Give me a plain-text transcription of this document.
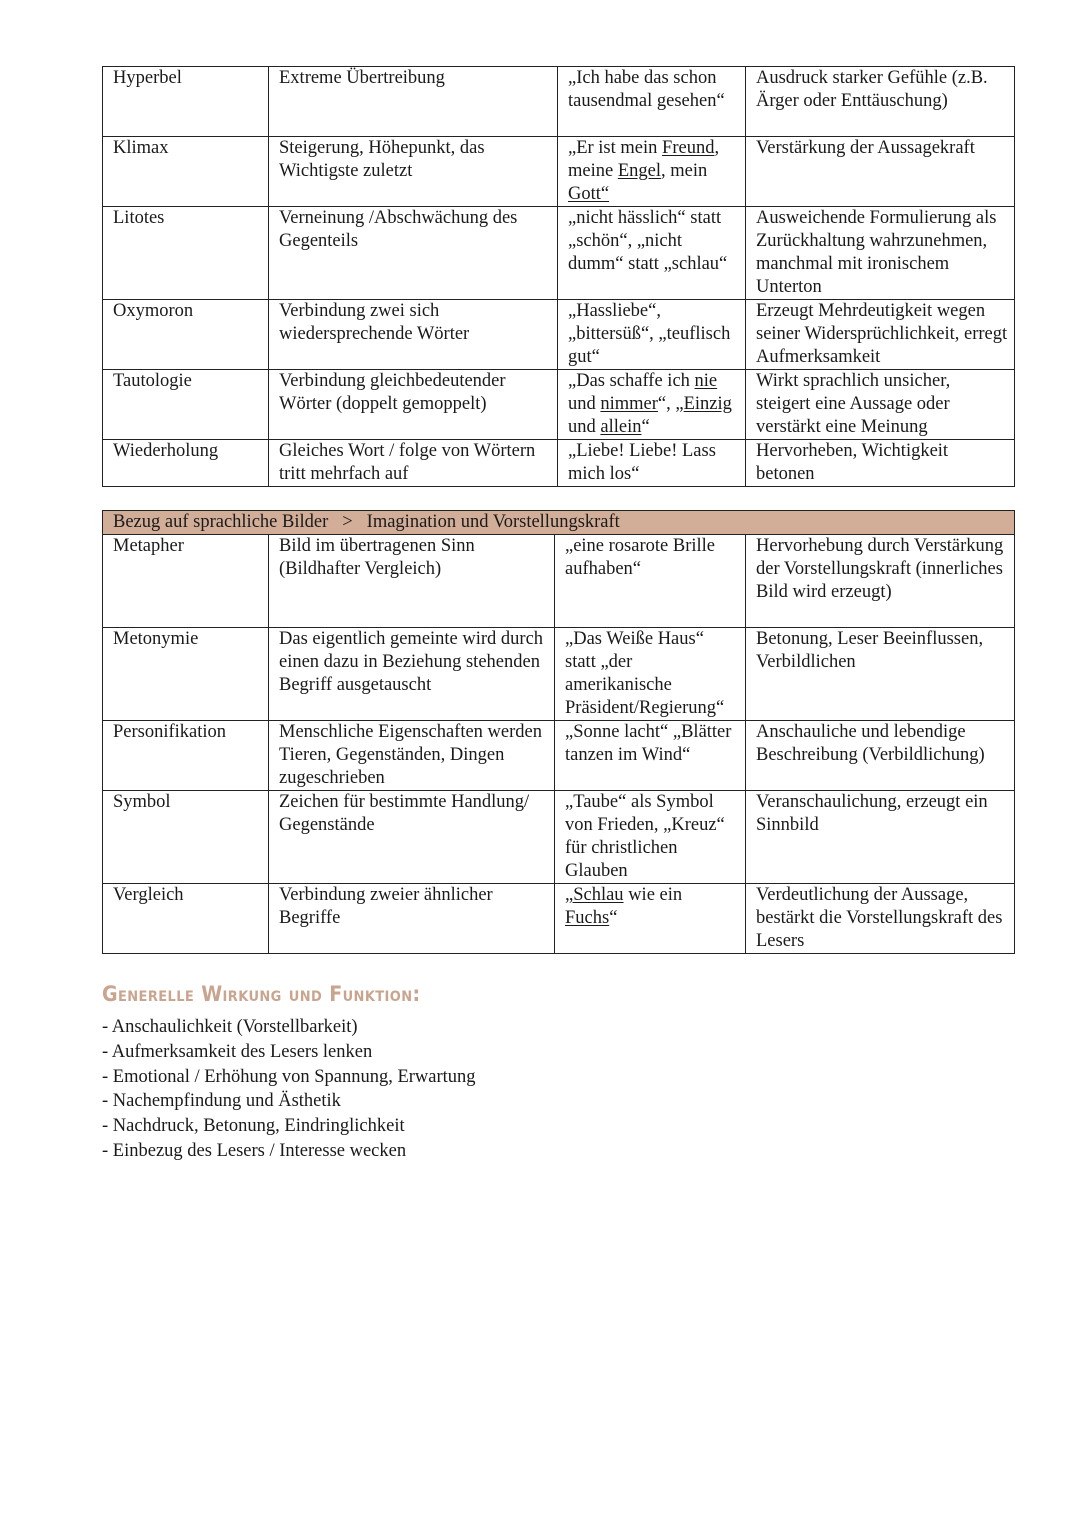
Hyperbel	Extreme Übertreibung	„Ich habe das schon tausendmal gesehen“	Ausdruck starker Gefühle (z.B. Ärger oder Enttäuschung)
Klimax	Steigerung, Höhepunkt, das Wichtigste zuletzt	„Er ist mein Freund, meine Engel, mein Gott“	Verstärkung der Aussagekraft
Litotes	Verneinung /Abschwächung des Gegenteils	„nicht hässlich“ statt „schön“, „nicht dumm“ statt „schlau“	Ausweichende Formulierung als Zurückhaltung wahrzunehmen, manchmal mit ironischem Unterton
Oxymoron	Verbindung zwei sich wiedersprechende Wörter	„Hassliebe“, „bittersüß“, „teuflisch gut“	Erzeugt Mehrdeutigkeit wegen seiner Widersprüchlichkeit, erregt Aufmerksamkeit
Tautologie	Verbindung gleichbedeutender Wörter (doppelt gemoppelt)	„Das schaffe ich nie und nimmer“, „Einzig und allein“	Wirkt sprachlich unsicher, steigert eine Aussage oder verstärkt eine Meinung
Wiederholung	Gleiches Wort / folge von Wörtern tritt mehrfach auf	„Liebe! Liebe! Lass mich los“	Hervorheben, Wichtigkeit betonen
Bezug auf sprachliche Bilder > Imagination und Vorstellungskraft			
Metapher	Bild im übertragenen Sinn (Bildhafter Vergleich)	„eine rosarote Brille aufhaben“	Hervorhebung durch Verstärkung der Vorstellungskraft (innerliches Bild wird erzeugt)
Metonymie	Das eigentlich gemeinte wird durch einen dazu in Beziehung stehenden Begriff ausgetauscht	„Das Weiße Haus“ statt „der amerikanische Präsident/Regierung“	Betonung, Leser Beeinflussen, Verbildlichen
Personifikation	Menschliche Eigenschaften werden Tieren, Gegenständen, Dingen zugeschrieben	„Sonne lacht“ „Blätter tanzen im Wind“	Anschauliche und lebendige Beschreibung (Verbildlichung)
Symbol	Zeichen für bestimmte Handlung/ Gegenstände	„Taube“ als Symbol von Frieden, „Kreuz“ für christlichen Glauben	Veranschaulichung, erzeugt ein Sinnbild
Vergleich	Verbindung zweier ähnlicher Begriffe	„Schlau wie ein Fuchs“	Verdeutlichung der Aussage, bestärkt die Vorstellungskraft des Lesers
Generelle Wirkung und Funktion:
- Anschaulichkeit (Vorstellbarkeit)
- Aufmerksamkeit des Lesers lenken
- Emotional / Erhöhung von Spannung, Erwartung
- Nachempfindung und Ästhetik
- Nachdruck, Betonung, Eindringlichkeit
- Einbezug des Lesers / Interesse wecken
